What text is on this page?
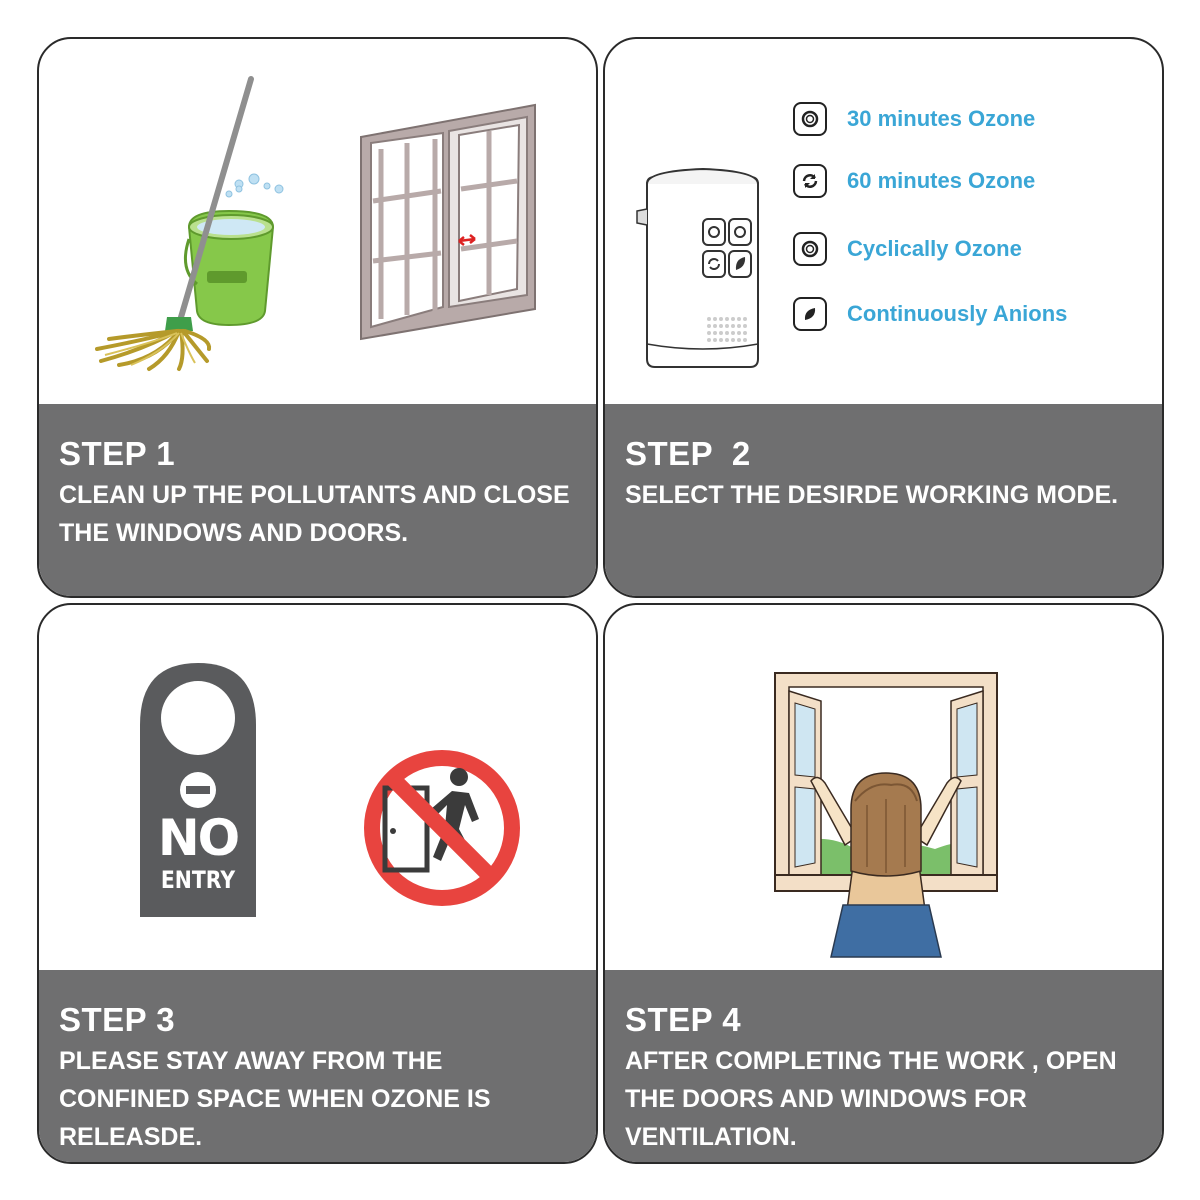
STEP 1
CLEAN UP THE POLLUTANTS AND CLOSE THE WINDOWS AND DOORS.
30 minutes Ozone
60 minutes Ozone
Cyclically Ozone
Continuously Anions
STEP  2
SELECT THE DESIRDE WORKING MODE.
NO
ENTRY
STEP 3
PLEASE STAY AWAY FROM THE CONFINED SPACE WHEN OZONE IS RELEASDE.
STEP 4
AFTER COMPLETING THE WORK , OPEN THE DOORS AND WINDOWS FOR VENTILATION.
